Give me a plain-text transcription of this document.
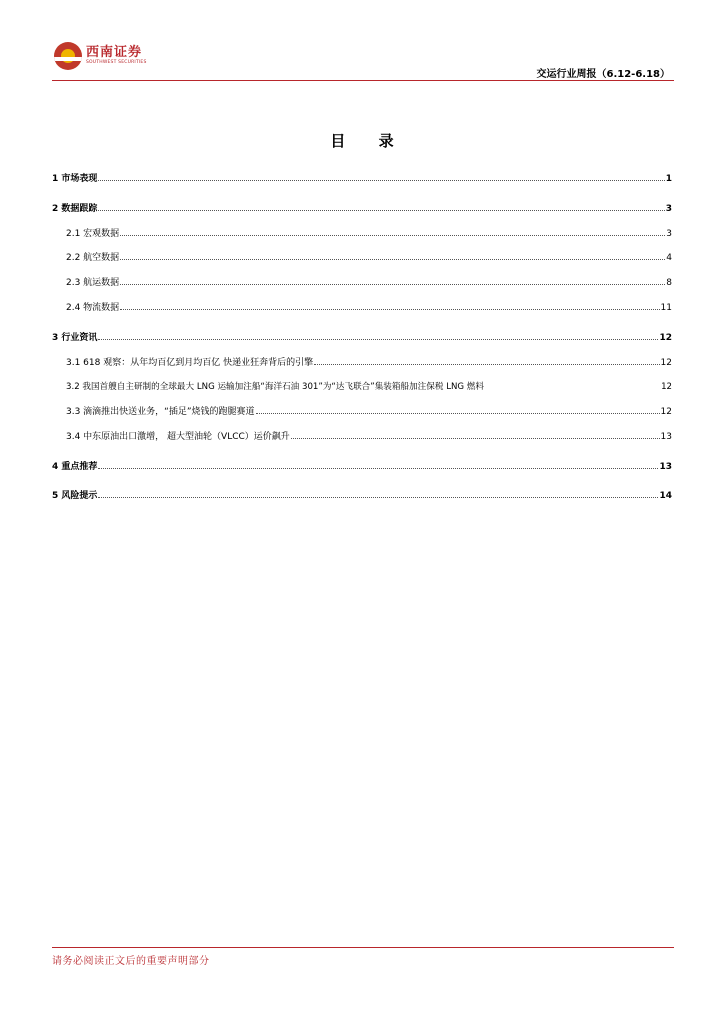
西南证券
SOUTHWEST SECURITIES
交运行业周报（6.12-6.18）
目 录
1 市场表现	1
2 数据跟踪	3
2.1 宏观数据	3
2.2 航空数据	4
2.3 航运数据	8
2.4 物流数据	11
3 行业资讯	12
3.1 618 观察：从年均百亿到月均百亿 快递业狂奔背后的引擎	12
3.2 我国首艘自主研制的全球最大 LNG 运输加注船“海洋石油 301”为“达飞联合”集装箱船加注保税 LNG 燃料	12
3.3 滴滴推出快送业务，“插足”烧钱的跑腿赛道	12
3.4 中东原油出口激增， 超大型油轮（VLCC）运价飙升	13
4 重点推荐	13
5 风险提示	14
请务必阅读正文后的重要声明部分
